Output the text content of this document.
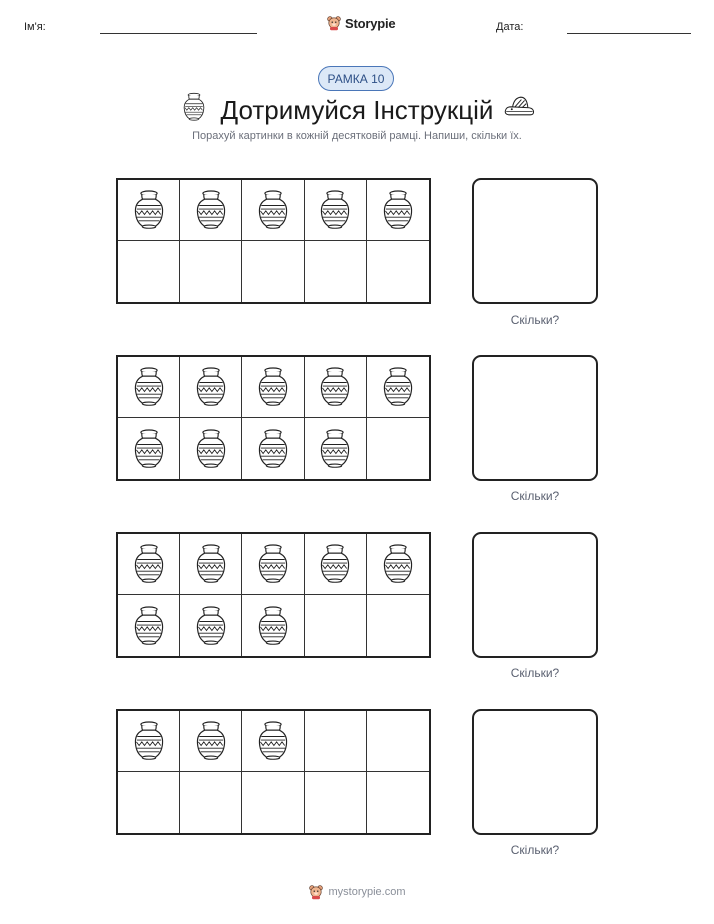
Ім'я:	Storypie	Дата:
РАМКА 10
Дотримуйся Інструкцій
Порахуй картинки в кожній десятковій рамці. Напиши, скільки їх.
Скільки?
Скільки?
Скільки?
Скільки?
mystorypie.com
